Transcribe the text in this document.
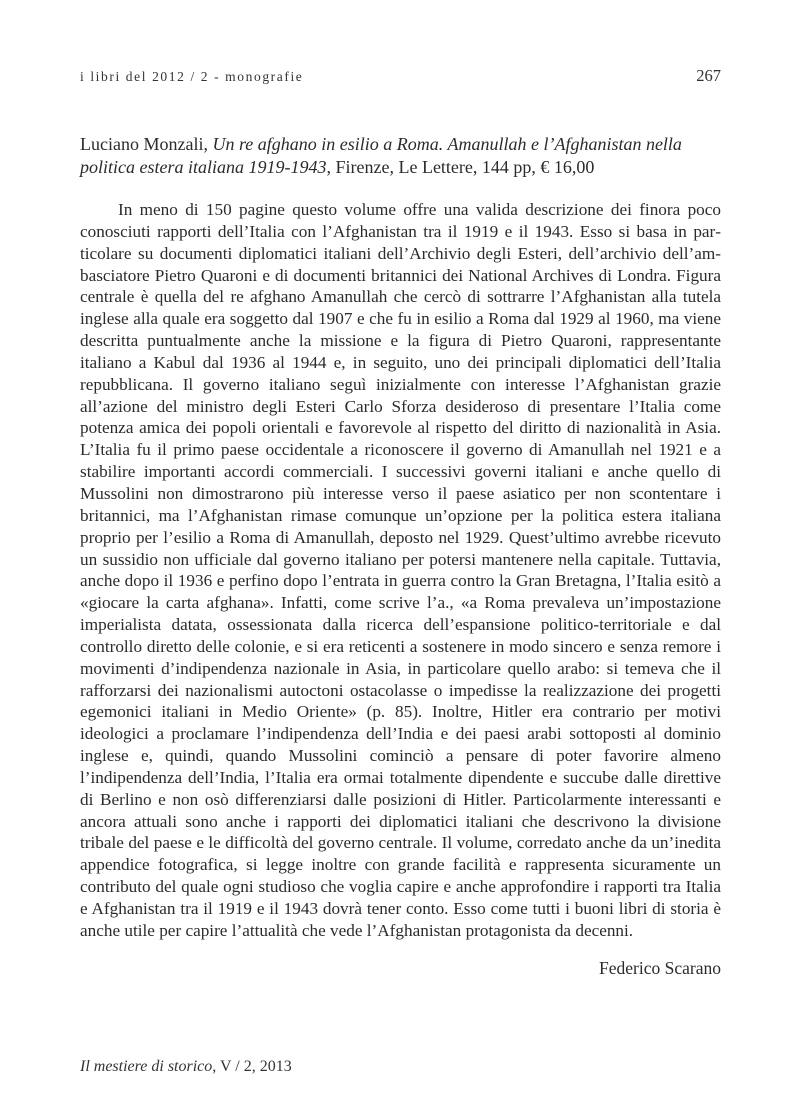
i libri del 2012 / 2 - monografie	267
Luciano Monzali, Un re afghano in esilio a Roma. Amanullah e l’Afghanistan nella politica estera italiana 1919-1943, Firenze, Le Lettere, 144 pp, € 16,00

In meno di 150 pagine questo volume offre una valida descrizione dei finora poco conosciuti rapporti dell’Italia con l’Afghanistan tra il 1919 e il 1943. Esso si basa in particolare su documenti diplomatici italiani dell’Archivio degli Esteri, dell’archivio dell’ambasciatore Pietro Quaroni e di documenti britannici dei National Archives di Londra. Figura centrale è quella del re afghano Amanullah che cercò di sottrarre l’Afghanistan alla tutela inglese alla quale era soggetto dal 1907 e che fu in esilio a Roma dal 1929 al 1960, ma viene descritta puntualmente anche la missione e la figura di Pietro Quaroni, rappresentante italiano a Kabul dal 1936 al 1944 e, in seguito, uno dei principali diplomatici dell’Italia repubblicana. Il governo italiano seguì inizialmente con interesse l’Afghanistan grazie all’azione del ministro degli Esteri Carlo Sforza desideroso di presentare l’Italia come potenza amica dei popoli orientali e favorevole al rispetto del diritto di nazionalità in Asia. L’Italia fu il primo paese occidentale a riconoscere il governo di Amanullah nel 1921 e a stabilire importanti accordi commerciali. I successivi governi italiani e anche quello di Mussolini non dimostrarono più interesse verso il paese asiatico per non scontentare i britannici, ma l’Afghanistan rimase comunque un’opzione per la politica estera italiana proprio per l’esilio a Roma di Amanullah, deposto nel 1929. Quest’ultimo avrebbe ricevuto un sussidio non ufficiale dal governo italiano per potersi mantenere nella capitale. Tuttavia, anche dopo il 1936 e perfino dopo l’entrata in guerra contro la Gran Bretagna, l’Italia esitò a «giocare la carta afghana». Infatti, come scrive l’a., «a Roma prevaleva un’impostazione imperialista datata, ossessionata dalla ricerca dell’espansione politico-territoriale e dal controllo diretto delle colonie, e si era reticenti a sostenere in modo sincero e senza remore i movimenti d’indipendenza nazionale in Asia, in particolare quello arabo: si temeva che il rafforzarsi dei nazionalismi autoctoni ostacolasse o impedisse la realizzazione dei progetti egemonici italiani in Medio Oriente» (p. 85). Inoltre, Hitler era contrario per motivi ideologici a proclamare l’indipendenza dell’India e dei paesi arabi sottoposti al dominio inglese e, quindi, quando Mussolini cominciò a pensare di poter favorire almeno l’indipendenza dell’India, l’Italia era ormai totalmente dipendente e succube dalle direttive di Berlino e non osò differenziarsi dalle posizioni di Hitler. Particolarmente interessanti e ancora attuali sono anche i rapporti dei diplomatici italiani che descrivono la divisione tribale del paese e le difficoltà del governo centrale. Il volume, corredato anche da un’inedita appendice fotografica, si legge inoltre con grande facilità e rappresenta sicuramente un contributo del quale ogni studioso che voglia capire e anche approfondire i rapporti tra Italia e Afghanistan tra il 1919 e il 1943 dovrà tener conto. Esso come tutti i buoni libri di storia è anche utile per capire l’attualità che vede l’Afghanistan protagonista da decenni.

Federico Scarano
Il mestiere di storico, V / 2, 2013
